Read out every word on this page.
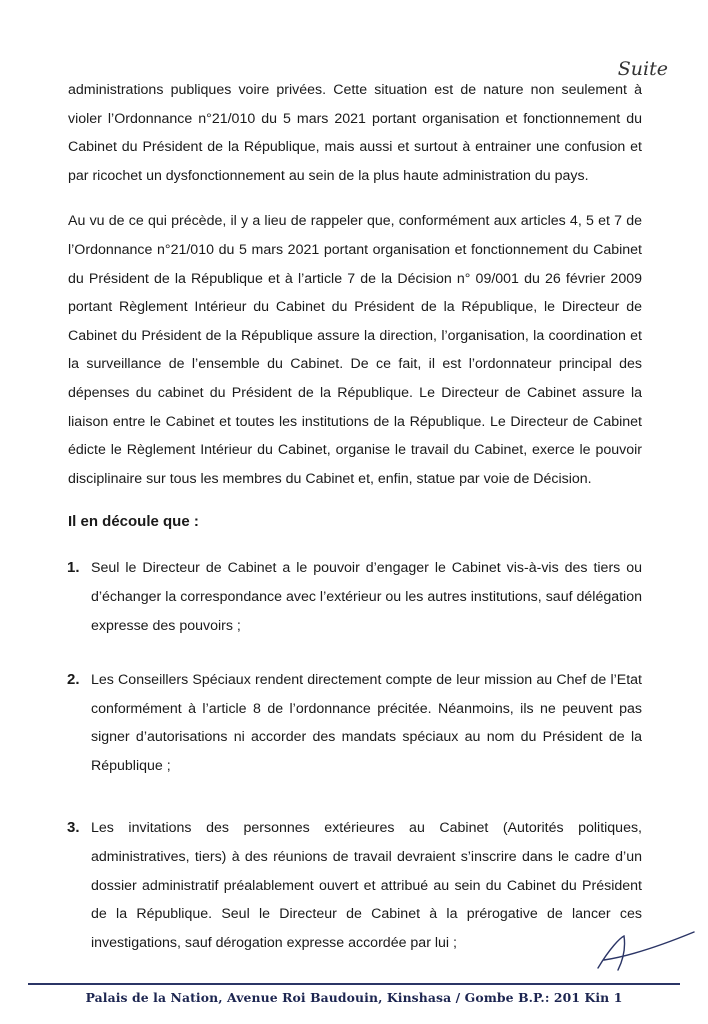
Suite

administrations publiques voire privées. Cette situation est de nature non seulement à violer l’Ordonnance n°21/010 du 5 mars 2021 portant organisation et fonctionnement du Cabinet du Président de la République, mais aussi et surtout à entrainer une confusion et par ricochet un dysfonctionnement au sein de la plus haute administration du pays.

Au vu de ce qui précède, il y a lieu de rappeler que, conformément aux articles 4, 5 et 7 de l’Ordonnance n°21/010 du 5 mars 2021 portant organisation et fonctionnement du Cabinet du Président de la République et à l’article 7 de la Décision n° 09/001 du 26 février 2009 portant Règlement Intérieur du Cabinet du Président de la République, le Directeur de Cabinet du Président de la République assure la direction, l’organisation, la coordination et la surveillance de l’ensemble du Cabinet. De ce fait, il est l’ordonnateur principal des dépenses du cabinet du Président de la République. Le Directeur de Cabinet assure la liaison entre le Cabinet et toutes les institutions de la République. Le Directeur de Cabinet édicte le Règlement Intérieur du Cabinet, organise le travail du Cabinet, exerce le pouvoir disciplinaire sur tous les membres du Cabinet et, enfin, statue par voie de Décision.

Il en découle que :
1. Seul le Directeur de Cabinet a le pouvoir d’engager le Cabinet vis-à-vis des tiers ou d’échanger la correspondance avec l’extérieur ou les autres institutions, sauf délégation expresse des pouvoirs ;
2. Les Conseillers Spéciaux rendent directement compte de leur mission au Chef de l’Etat conformément à l’article 8 de l’ordonnance précitée. Néanmoins, ils ne peuvent pas signer d’autorisations ni accorder des mandats spéciaux au nom du Président de la République ;
3. Les invitations des personnes extérieures au Cabinet (Autorités politiques, administratives, tiers) à des réunions de travail devraient s’inscrire dans le cadre d’un dossier administratif préalablement ouvert et attribué au sein du Cabinet du Président de la République. Seul le Directeur de Cabinet à la prérogative de lancer ces investigations, sauf dérogation expresse accordée par lui ;
Palais de la Nation, Avenue Roi Baudouin, Kinshasa / Gombe B.P.: 201 Kin 1
